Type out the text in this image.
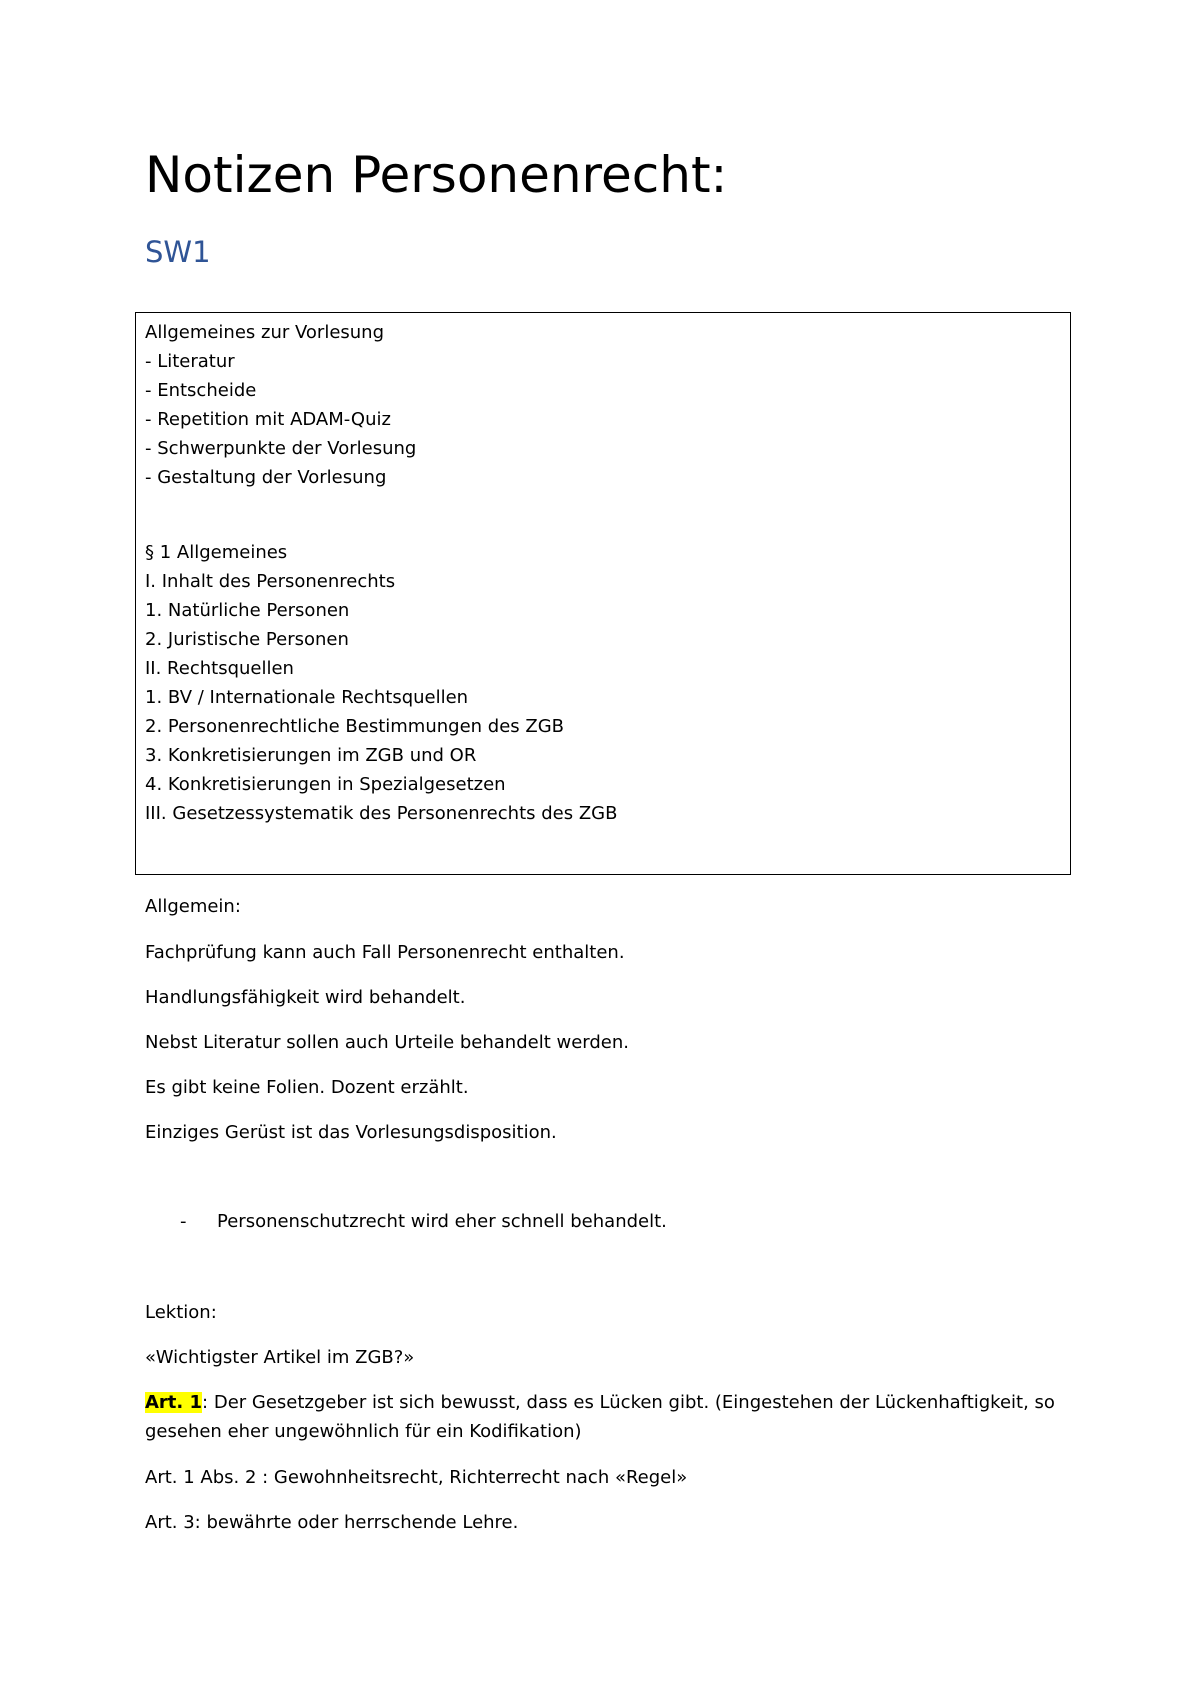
Notizen Personenrecht:
SW1
Allgemeines zur Vorlesung
- Literatur
- Entscheide
- Repetition mit ADAM-Quiz
- Schwerpunkte der Vorlesung
- Gestaltung der Vorlesung
§ 1 Allgemeines
I. Inhalt des Personenrechts
1. Natürliche Personen
2. Juristische Personen
II. Rechtsquellen
1. BV / Internationale Rechtsquellen
2. Personenrechtliche Bestimmungen des ZGB
3. Konkretisierungen im ZGB und OR
4. Konkretisierungen in Spezialgesetzen
III. Gesetzessystematik des Personenrechts des ZGB
Allgemein:
Fachprüfung kann auch Fall Personenrecht enthalten.
Handlungsfähigkeit wird behandelt.
Nebst Literatur sollen auch Urteile behandelt werden.
Es gibt keine Folien. Dozent erzählt.
Einziges Gerüst ist das Vorlesungsdisposition.
- Personenschutzrecht wird eher schnell behandelt.
Lektion:
«Wichtigster Artikel im ZGB?»
Art. 1: Der Gesetzgeber ist sich bewusst, dass es Lücken gibt. (Eingestehen der Lückenhaftigkeit, so
gesehen eher ungewöhnlich für ein Kodifikation)
Art. 1 Abs. 2 : Gewohnheitsrecht, Richterrecht nach «Regel»
Art. 3: bewährte oder herrschende Lehre.
